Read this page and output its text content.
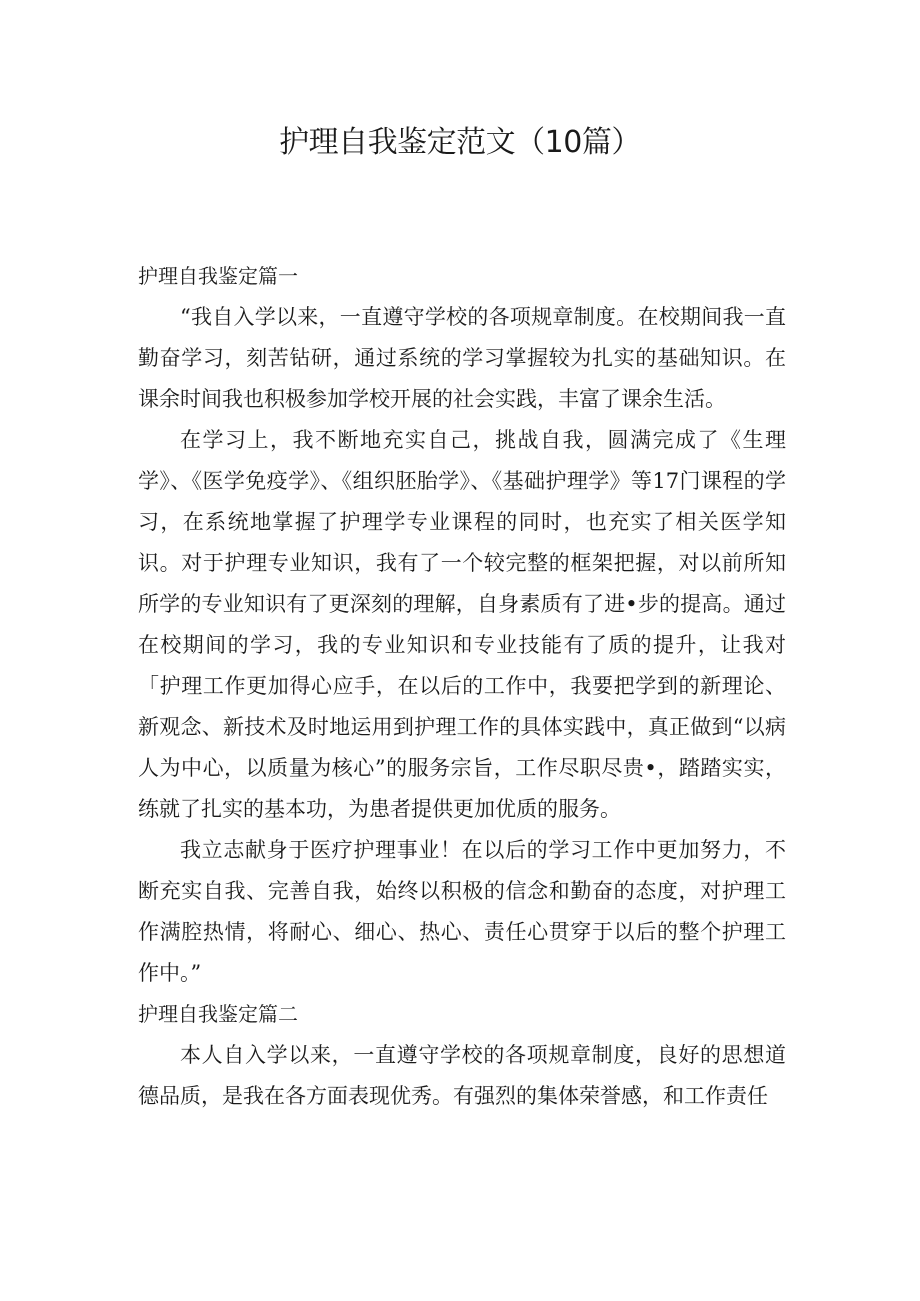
护理自我鉴定范文（10篇）
护理自我鉴定篇一

“我自入学以来，一直遵守学校的各项规章制度。在校期间我一直勤奋学习，刻苦钻研，通过系统的学习掌握较为扎实的基础知识。在课余时间我也积极参加学校开展的社会实践，丰富了课余生活。

在学习上，我不断地充实自己，挑战自我，圆满完成了《生理学》、《医学免疫学》、《组织胚胎学》、《基础护理学》等17门课程的学习，在系统地掌握了护理学专业课程的同时，也充实了相关医学知识。对于护理专业知识，我有了一个较完整的框架把握，对以前所知所学的专业知识有了更深刻的理解，自身素质有了进•步的提高。通过在校期间的学习，我的专业知识和专业技能有了质的提升，让我对「护理工作更加得心应手，在以后的工作中，我要把学到的新理论、新观念、新技术及时地运用到护理工作的具体实践中，真正做到“以病人为中心，以质量为核心”的服务宗旨，工作尽职尽贵•，踏踏实实，练就了扎实的基本功，为患者提供更加优质的服务。

我立志献身于医疗护理事业！在以后的学习工作中更加努力，不断充实自我、完善自我，始终以积极的信念和勤奋的态度，对护理工作满腔热情，将耐心、细心、热心、责任心贯穿于以后的整个护理工作中。”

护理自我鉴定篇二

本人自入学以来，一直遵守学校的各项规章制度，良好的思想道德品质，是我在各方面表现优秀。有强烈的集体荣誉感，和工作责任
